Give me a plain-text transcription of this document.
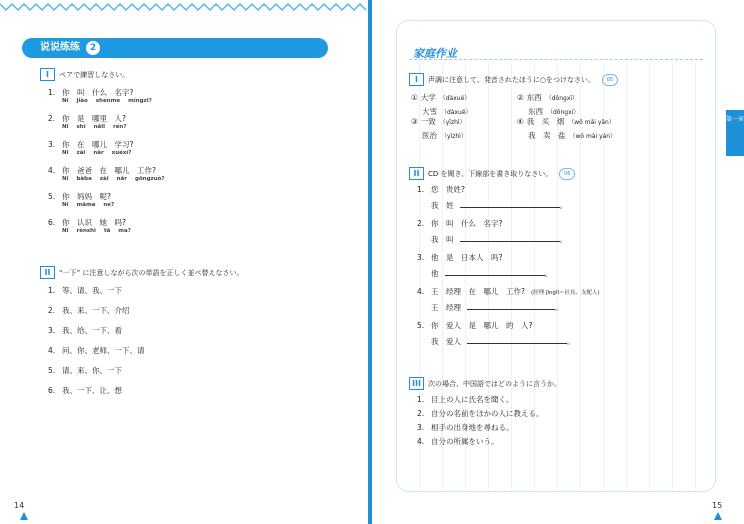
说说练练 2
I	ペアで練習しなさい。
1. 你　叫　什么　名字?
Nǐ jiào shénme míngzi?
2. 你　是　哪里　人?
Nǐ shì nǎlǐ rén?
3. 你　在　哪儿　学习?
Nǐ zài nǎr xuéxí?
4. 你　爸爸　在　哪儿　工作?
Nǐ bàba zài nǎr gōngzuò?
5. 你　妈妈　呢?
Nǐ māma ne?
6. 你　认识　她　吗?
Nǐ rènshi tā ma?
II	“一下” に注意しながら次の単語を正しく並べ替えなさい。
1. 等、请、我、一下
2. 我、来、一下、介绍
3. 我、给、一下、看
4. 问、你、老师、一下、请
5. 请、来、你、一下
6. 我、一下、让、想
14
家庭作业
I	声調に注意して、発音されたほうに○をつけなさい。	05
① 大学 （dàxué）
大雪 （dàxuě）
② 东西 （dōngxī）
东西 （dōngxi）
③ 一致 （yīzhì）
医治 （yīzhì）
④ 我　买　烟 （wǒ mǎi yān）
我　卖　盐 （wǒ mài yán）
II	CD を聞き、下線部を書き取りなさい。	06
1. 您　贵姓?
我　姓	。
2. 你　叫　什么　名字?
我　叫	。
3. 他　是　日本人　吗?
他	。
4. 王　经理　在　哪儿　工作? (经理 jīnglǐ＝社長、支配人)
王　经理	。
5. 你　爱人　是　哪儿　的　人?
我　爱人	。
III	次の場合、中国語ではどのように言うか。
1. 目上の人に氏名を聞く。
2. 自分の名前をほかの人に教える。
3. 相手の出身地を尋ねる。
4. 自分の所属をいう。
第一章
15
